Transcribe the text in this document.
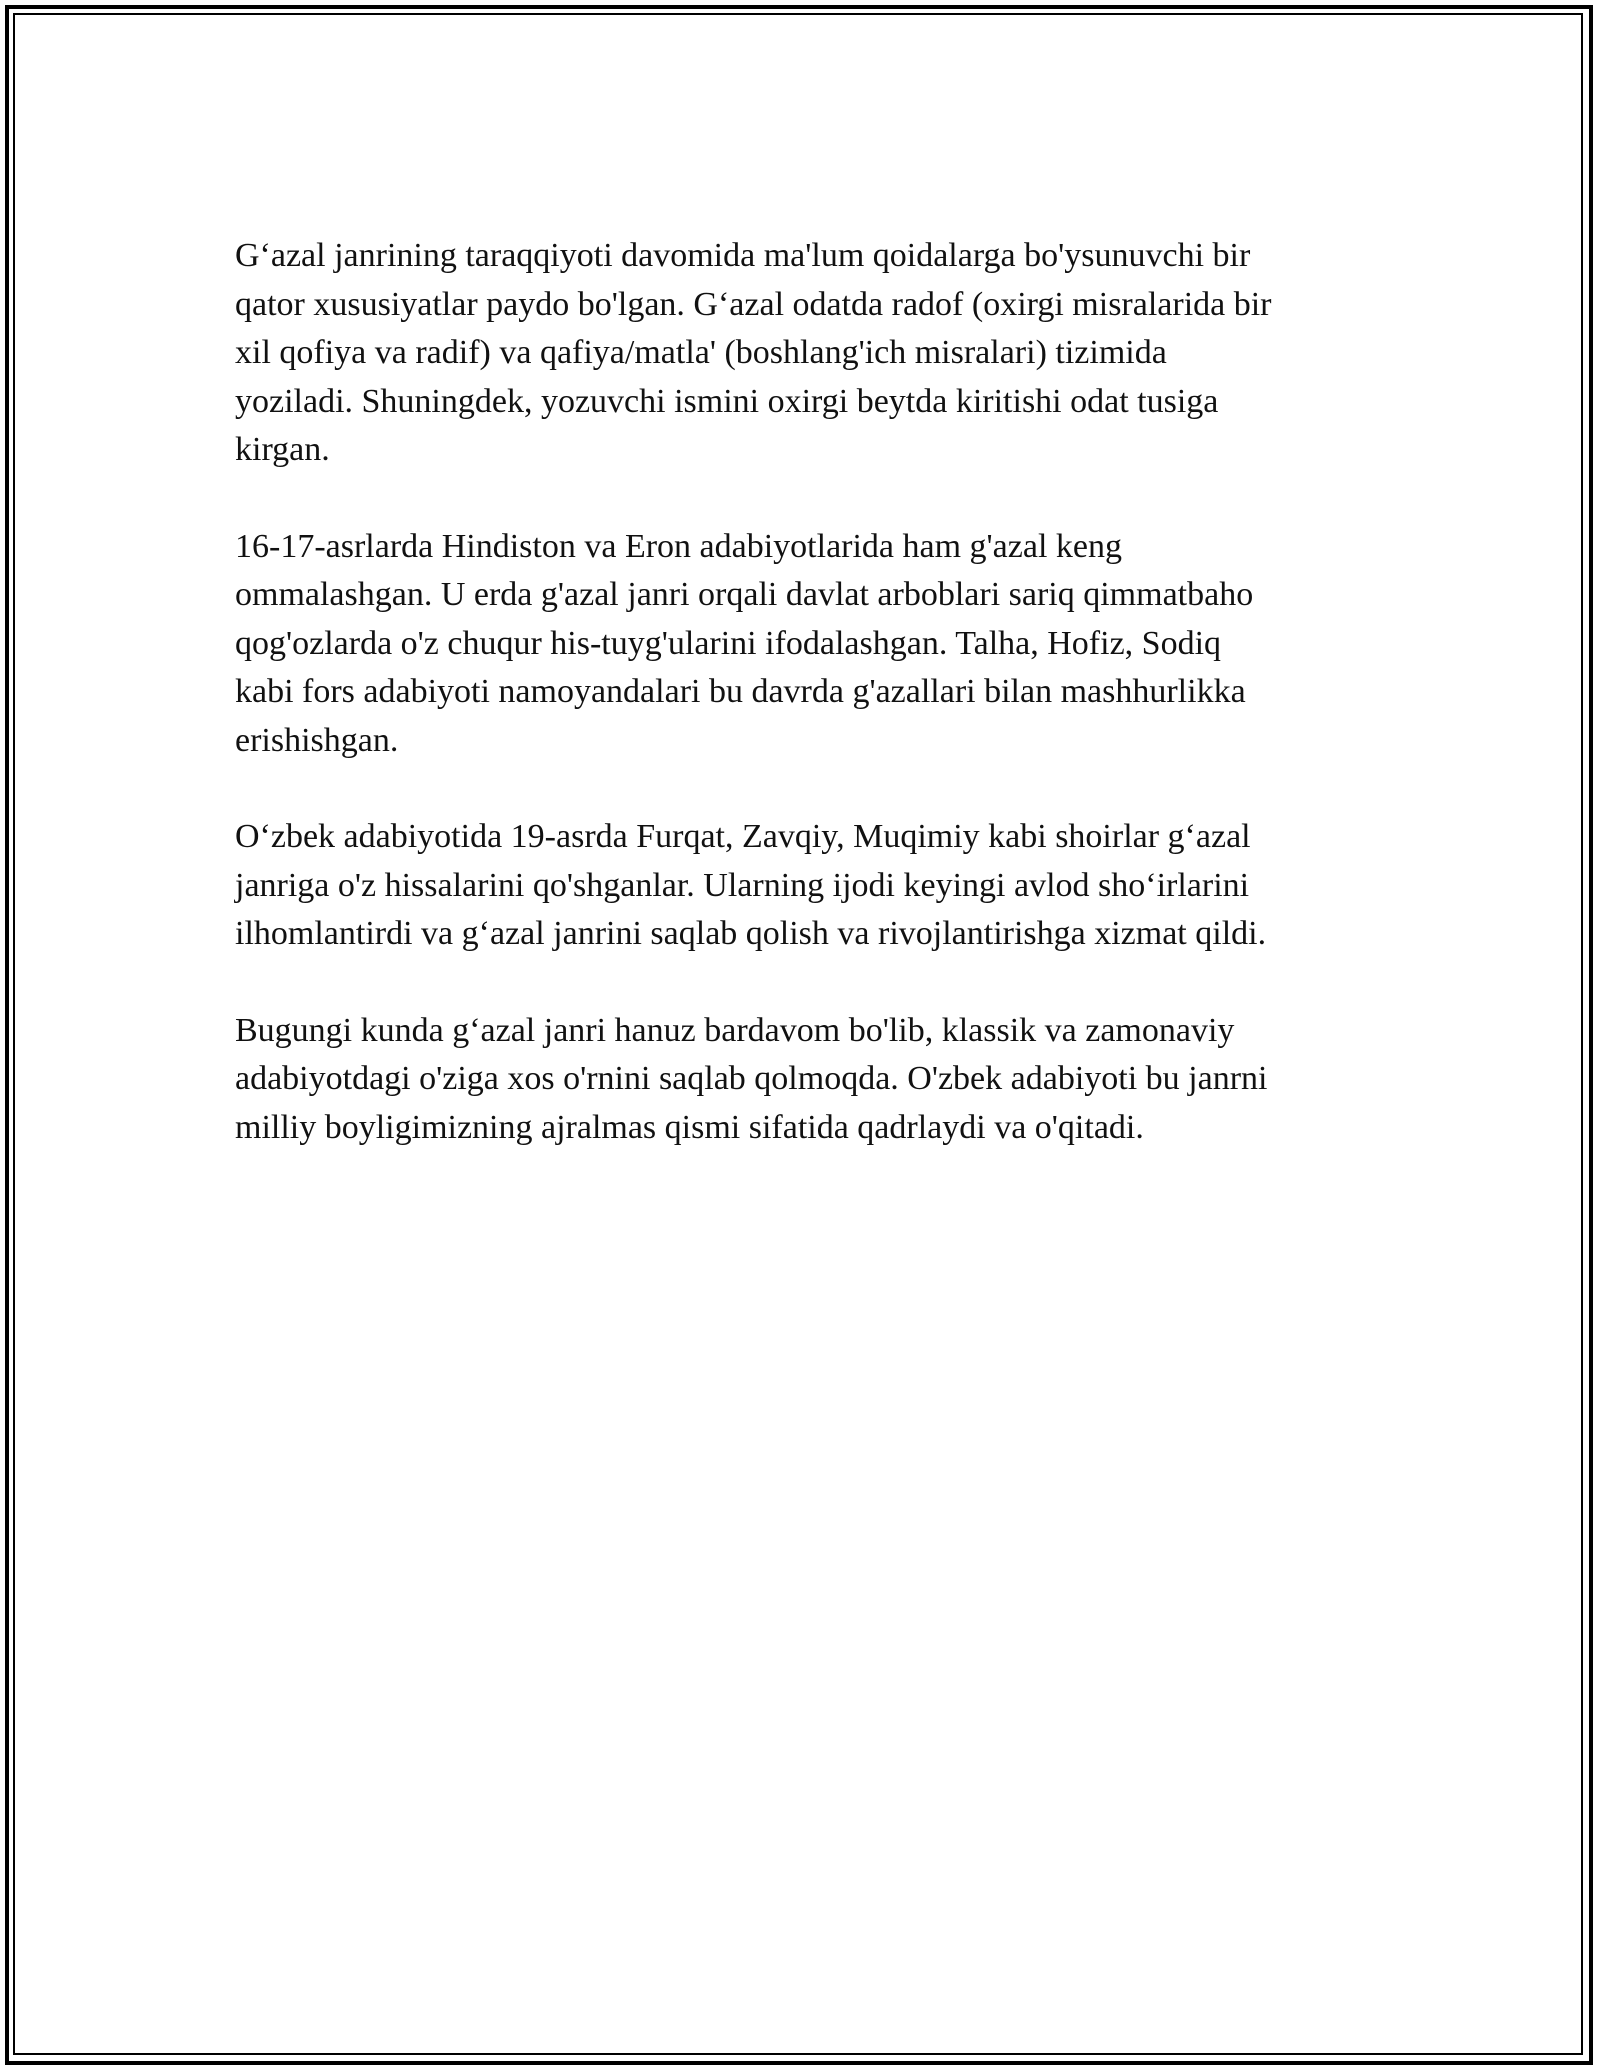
G‘azal janrining taraqqiyoti davomida ma'lum qoidalarga bo'ysunuvchi bir
qator xususiyatlar paydo bo'lgan. G‘azal odatda radof (oxirgi misralarida bir
xil qofiya va radif) va qafiya/matla' (boshlang'ich misralari) tizimida
yoziladi. Shuningdek, yozuvchi ismini oxirgi beytda kiritishi odat tusiga
kirgan.

16-17-asrlarda Hindiston va Eron adabiyotlarida ham g'azal keng
ommalashgan. U erda g'azal janri orqali davlat arboblari sariq qimmatbaho
qog'ozlarda o'z chuqur his-tuyg'ularini ifodalashgan. Talha, Hofiz, Sodiq
kabi fors adabiyoti namoyandalari bu davrda g'azallari bilan mashhurlikka
erishishgan.

O‘zbek adabiyotida 19-asrda Furqat, Zavqiy, Muqimiy kabi shoirlar g‘azal
janriga o'z hissalarini qo'shganlar. Ularning ijodi keyingi avlod sho‘irlarini
ilhomlantirdi va g‘azal janrini saqlab qolish va rivojlantirishga xizmat qildi.

Bugungi kunda g‘azal janri hanuz bardavom bo'lib, klassik va zamonaviy
adabiyotdagi o'ziga xos o'rnini saqlab qolmoqda. O'zbek adabiyoti bu janrni
milliy boyligimizning ajralmas qismi sifatida qadrlaydi va o'qitadi.
